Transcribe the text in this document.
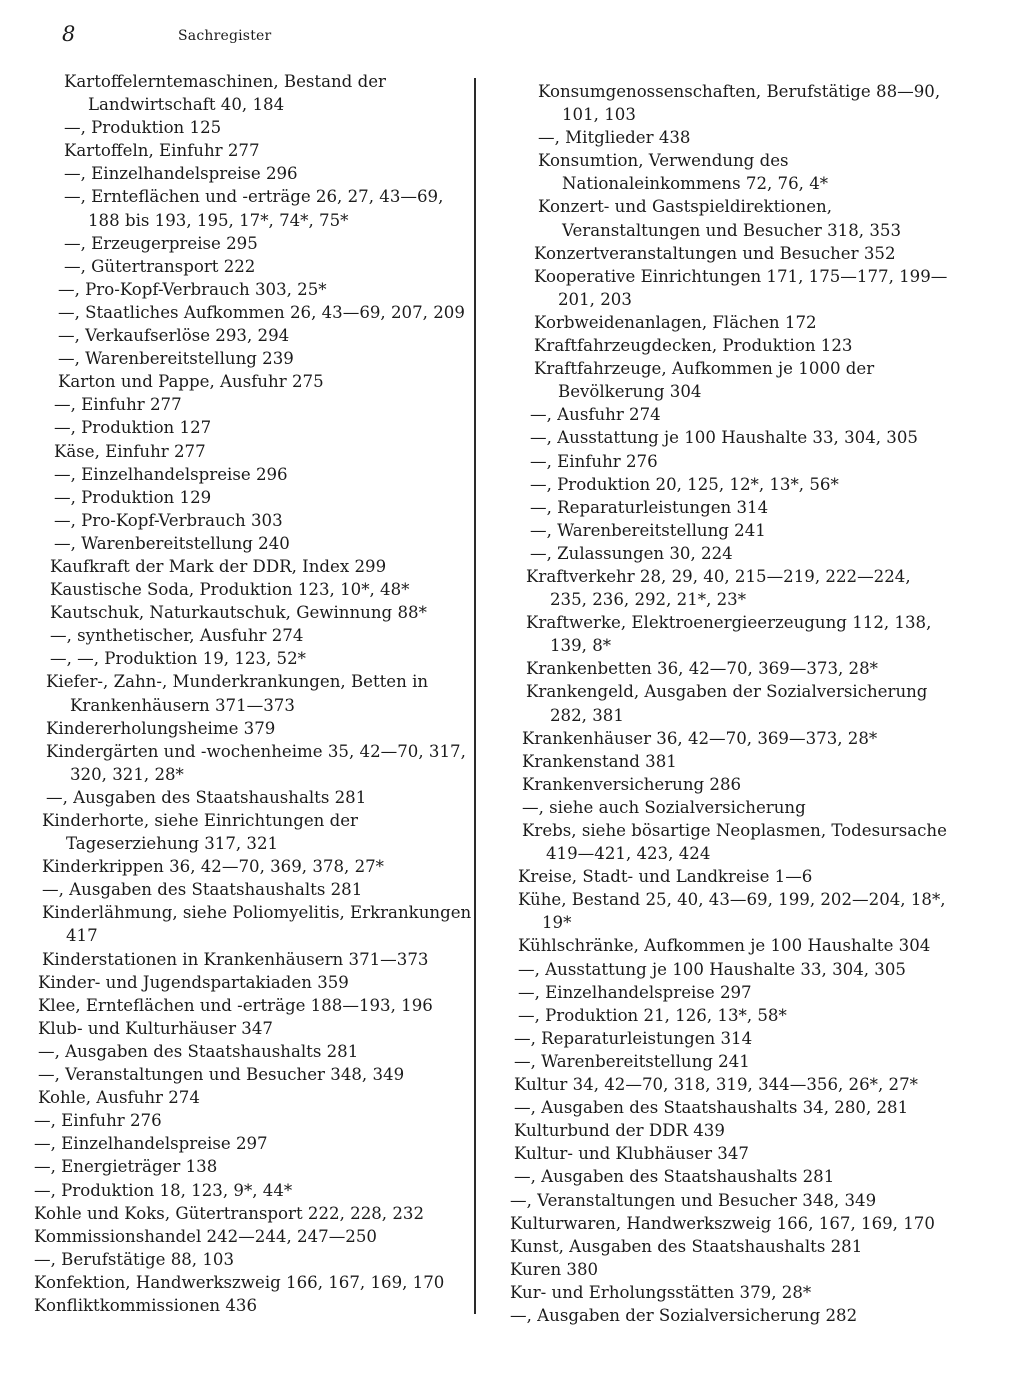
8	Sachregister
Kartoffelerntemaschinen, Bestand der Landwirtschaft 40, 184
—, Produktion 125
Kartoffeln, Einfuhr 277
—, Einzelhandelspreise 296
—, Ernteflächen und -erträge 26, 27, 43—69, 188 bis 193, 195, 17*, 74*, 75*
—, Erzeugerpreise 295
—, Gütertransport 222
—, Pro-Kopf-Verbrauch 303, 25*
—, Staatliches Aufkommen 26, 43—69, 207, 209
—, Verkaufserlöse 293, 294
—, Warenbereitstellung 239
Karton und Pappe, Ausfuhr 275
—, Einfuhr 277
—, Produktion 127
Käse, Einfuhr 277
—, Einzelhandelspreise 296
—, Produktion 129
—, Pro-Kopf-Verbrauch 303
—, Warenbereitstellung 240
Kaufkraft der Mark der DDR, Index 299
Kaustische Soda, Produktion 123, 10*, 48*
Kautschuk, Naturkautschuk, Gewinnung 88*
—, synthetischer, Ausfuhr 274
—, —, Produktion 19, 123, 52*
Kiefer-, Zahn-, Munderkrankungen, Betten in Krankenhäusern 371—373
Kindererholungsheime 379
Kindergärten und -wochenheime 35, 42—70, 317, 320, 321, 28*
—, Ausgaben des Staatshaushalts 281
Kinderhorte, siehe Einrichtungen der Tageserziehung 317, 321
Kinderkrippen 36, 42—70, 369, 378, 27*
—, Ausgaben des Staatshaushalts 281
Kinderlähmung, siehe Poliomyelitis, Erkrankungen 417
Kinderstationen in Krankenhäusern 371—373
Kinder- und Jugendspartakiaden 359
Klee, Ernteflächen und -erträge 188—193, 196
Klub- und Kulturhäuser 347
—, Ausgaben des Staatshaushalts 281
—, Veranstaltungen und Besucher 348, 349
Kohle, Ausfuhr 274
—, Einfuhr 276
—, Einzelhandelspreise 297
—, Energieträger 138
—, Produktion 18, 123, 9*, 44*
Kohle und Koks, Gütertransport 222, 228, 232
Kommissionshandel 242—244, 247—250
—, Berufstätige 88, 103
Konfektion, Handwerkszweig 166, 167, 169, 170
Konfliktkommissionen 436
Konsumgenossenschaften, Berufstätige 88—90, 101, 103
—, Mitglieder 438
Konsumtion, Verwendung des Nationaleinkommens 72, 76, 4*
Konzert- und Gastspieldirektionen, Veranstaltungen und Besucher 318, 353
Konzertveranstaltungen und Besucher 352
Kooperative Einrichtungen 171, 175—177, 199—201, 203
Korbweidenanlagen, Flächen 172
Kraftfahrzeugdecken, Produktion 123
Kraftfahrzeuge, Aufkommen je 1000 der Bevölkerung 304
—, Ausfuhr 274
—, Ausstattung je 100 Haushalte 33, 304, 305
—, Einfuhr 276
—, Produktion 20, 125, 12*, 13*, 56*
—, Reparaturleistungen 314
—, Warenbereitstellung 241
—, Zulassungen 30, 224
Kraftverkehr 28, 29, 40, 215—219, 222—224, 235, 236, 292, 21*, 23*
Kraftwerke, Elektroenergieerzeugung 112, 138, 139, 8*
Krankenbetten 36, 42—70, 369—373, 28*
Krankengeld, Ausgaben der Sozialversicherung 282, 381
Krankenhäuser 36, 42—70, 369—373, 28*
Krankenstand 381
Krankenversicherung 286
—, siehe auch Sozialversicherung
Krebs, siehe bösartige Neoplasmen, Todesursache 419—421, 423, 424
Kreise, Stadt- und Landkreise 1—6
Kühe, Bestand 25, 40, 43—69, 199, 202—204, 18*, 19*
Kühlschränke, Aufkommen je 100 Haushalte 304
—, Ausstattung je 100 Haushalte 33, 304, 305
—, Einzelhandelspreise 297
—, Produktion 21, 126, 13*, 58*
—, Reparaturleistungen 314
—, Warenbereitstellung 241
Kultur 34, 42—70, 318, 319, 344—356, 26*, 27*
—, Ausgaben des Staatshaushalts 34, 280, 281
Kulturbund der DDR 439
Kultur- und Klubhäuser 347
—, Ausgaben des Staatshaushalts 281
—, Veranstaltungen und Besucher 348, 349
Kulturwaren, Handwerkszweig 166, 167, 169, 170
Kunst, Ausgaben des Staatshaushalts 281
Kuren 380
Kur- und Erholungsstätten 379, 28*
—, Ausgaben der Sozialversicherung 282
